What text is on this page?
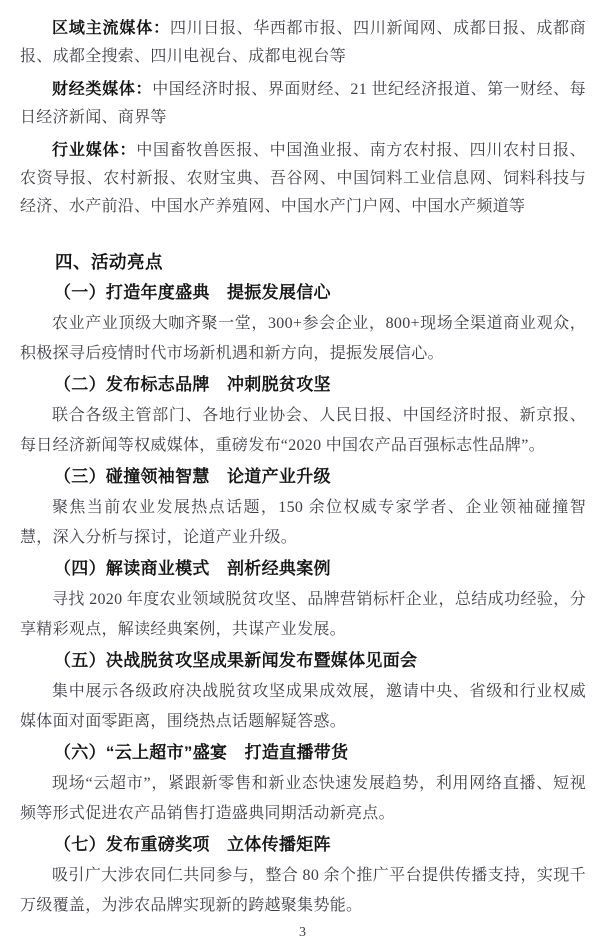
区域主流媒体：四川日报、华西都市报、四川新闻网、成都日报、成都商报、成都全搜索、四川电视台、成都电视台等

财经类媒体：中国经济时报、界面财经、21 世纪经济报道、第一财经、每日经济新闻、商界等

行业媒体：中国畜牧兽医报、中国渔业报、南方农村报、四川农村日报、农资导报、农村新报、农财宝典、吾谷网、中国饲料工业信息网、饲料科技与经济、水产前沿、中国水产养殖网、中国水产门户网、中国水产频道等

四、活动亮点
（一）打造年度盛典　提振发展信心

农业产业顶级大咖齐聚一堂，300+参会企业，800+现场全渠道商业观众，积极探寻后疫情时代市场新机遇和新方向，提振发展信心。

（二）发布标志品牌　冲刺脱贫攻坚

联合各级主管部门、各地行业协会、人民日报、中国经济时报、新京报、每日经济新闻等权威媒体，重磅发布“2020 中国农产品百强标志性品牌”。

（三）碰撞领袖智慧　论道产业升级

聚焦当前农业发展热点话题，150 余位权威专家学者、企业领袖碰撞智慧，深入分析与探讨，论道产业升级。

（四）解读商业模式　剖析经典案例

寻找 2020 年度农业领域脱贫攻坚、品牌营销标杆企业，总结成功经验，分享精彩观点，解读经典案例，共谋产业发展。

（五）决战脱贫攻坚成果新闻发布暨媒体见面会

集中展示各级政府决战脱贫攻坚成果成效展，邀请中央、省级和行业权威媒体面对面零距离，围绕热点话题解疑答惑。

（六）“云上超市”盛宴　打造直播带货

现场“云超市”，紧跟新零售和新业态快速发展趋势，利用网络直播、短视频等形式促进农产品销售打造盛典同期活动新亮点。

（七）发布重磅奖项　立体传播矩阵

吸引广大涉农同仁共同参与，整合 80 余个推广平台提供传播支持，实现千万级覆盖，为涉农品牌实现新的跨越聚集势能。

3
